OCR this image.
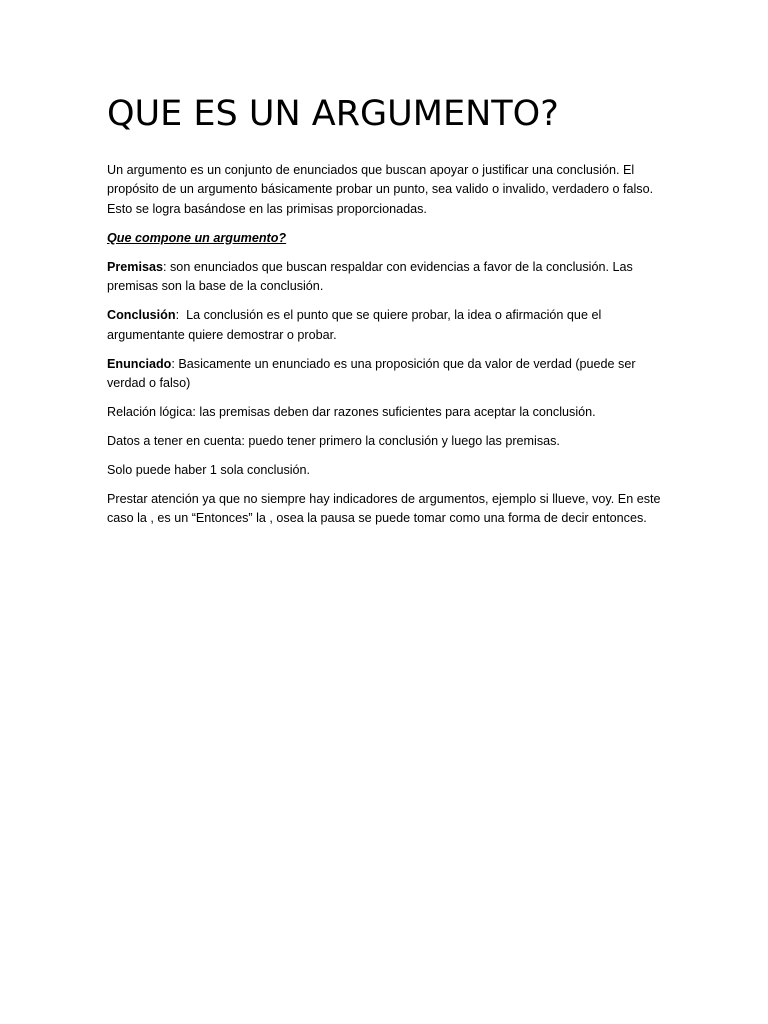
QUE ES UN ARGUMENTO?

Un argumento es un conjunto de enunciados que buscan apoyar o justificar una conclusión. El propósito de un argumento básicamente probar un punto, sea valido o invalido, verdadero o falso. Esto se logra basándose en las primisas proporcionadas.

Que compone un argumento?

Premisas: son enunciados que buscan respaldar con evidencias a favor de la conclusión. Las premisas son la base de la conclusión.

Conclusión:  La conclusión es el punto que se quiere probar, la idea o afirmación que el argumentante quiere demostrar o probar.

Enunciado: Basicamente un enunciado es una proposición que da valor de verdad (puede ser verdad o falso)

Relación lógica: las premisas deben dar razones suficientes para aceptar la conclusión.

Datos a tener en cuenta: puedo tener primero la conclusión y luego las premisas.

Solo puede haber 1 sola conclusión.

Prestar atención ya que no siempre hay indicadores de argumentos, ejemplo si llueve, voy. En este caso la , es un “Entonces” la , osea la pausa se puede tomar como una forma de decir entonces.
